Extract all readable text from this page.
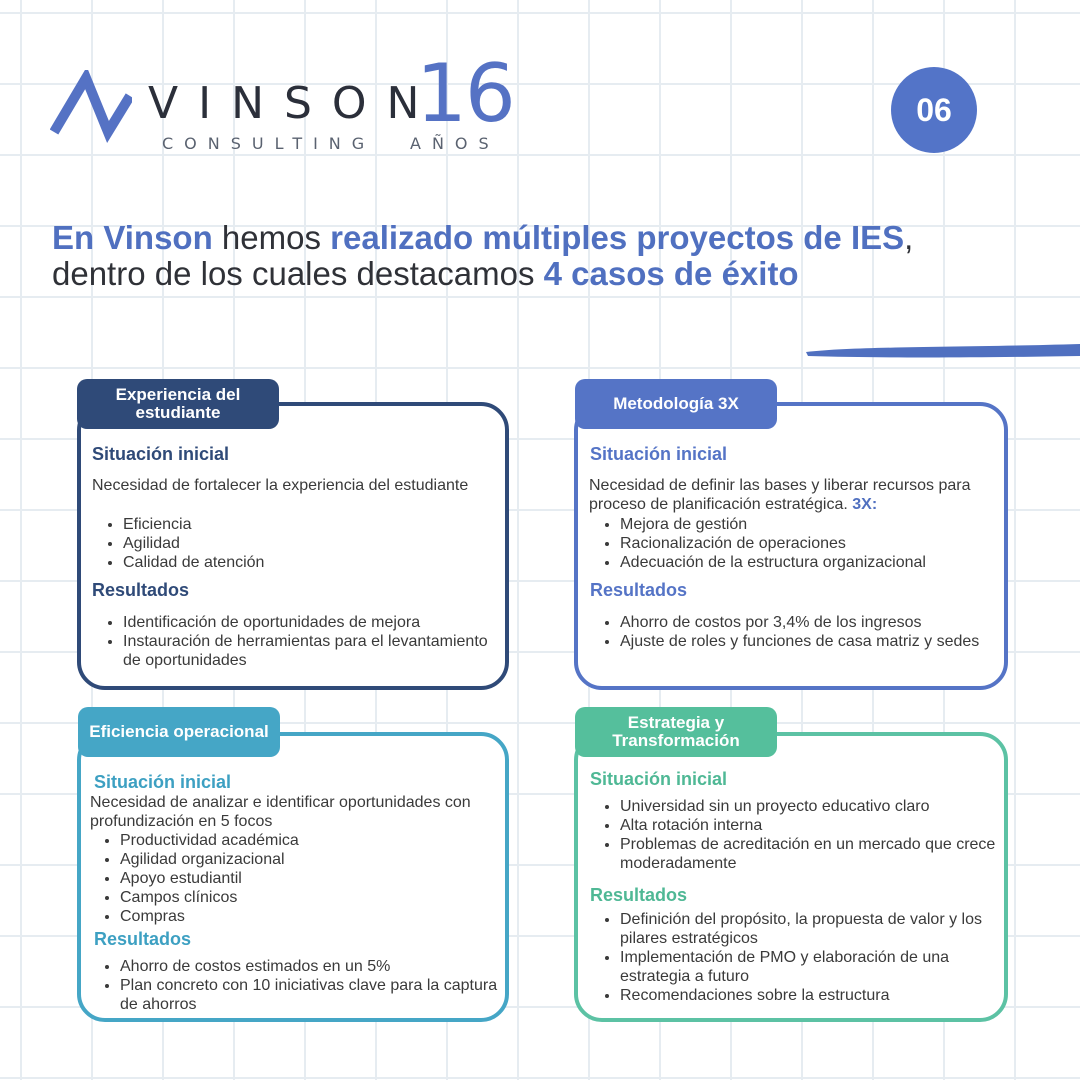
VINSON
16
CONSULTING AÑOS
06
En Vinson hemos realizado múltiples proyectos de IES,
dentro de los cuales destacamos 4 casos de éxito
Situación inicial
Necesidad de fortalecer la experiencia del estudiante
• Eficiencia
• Agilidad
• Calidad de atención
Resultados
• Identificación de oportunidades de mejora
• Instauración de herramientas para el levantamiento de oportunidades
Experiencia del estudiante
Situación inicial
Necesidad de definir las bases y liberar recursos para proceso de planificación estratégica. 3X:
• Mejora de gestión
• Racionalización de operaciones
• Adecuación de la estructura organizacional
Resultados
• Ahorro de costos por 3,4% de los ingresos
• Ajuste de roles y funciones de casa matriz y sedes
Metodología 3X
Situación inicial
Necesidad de analizar e identificar oportunidades con profundización en 5 focos
• Productividad académica
• Agilidad organizacional
• Apoyo estudiantil
• Campos clínicos
• Compras
Resultados
• Ahorro de costos estimados en un 5%
• Plan concreto con 10 iniciativas clave para la captura de ahorros
Eficiencia operacional
Situación inicial
• Universidad sin un proyecto educativo claro
• Alta rotación interna
• Problemas de acreditación en un mercado que crece moderadamente
Resultados
• Definición del propósito, la propuesta de valor y los pilares estratégicos
• Implementación de PMO y elaboración de una estrategia a futuro
• Recomendaciones sobre la estructura
Estrategia y Transformación
